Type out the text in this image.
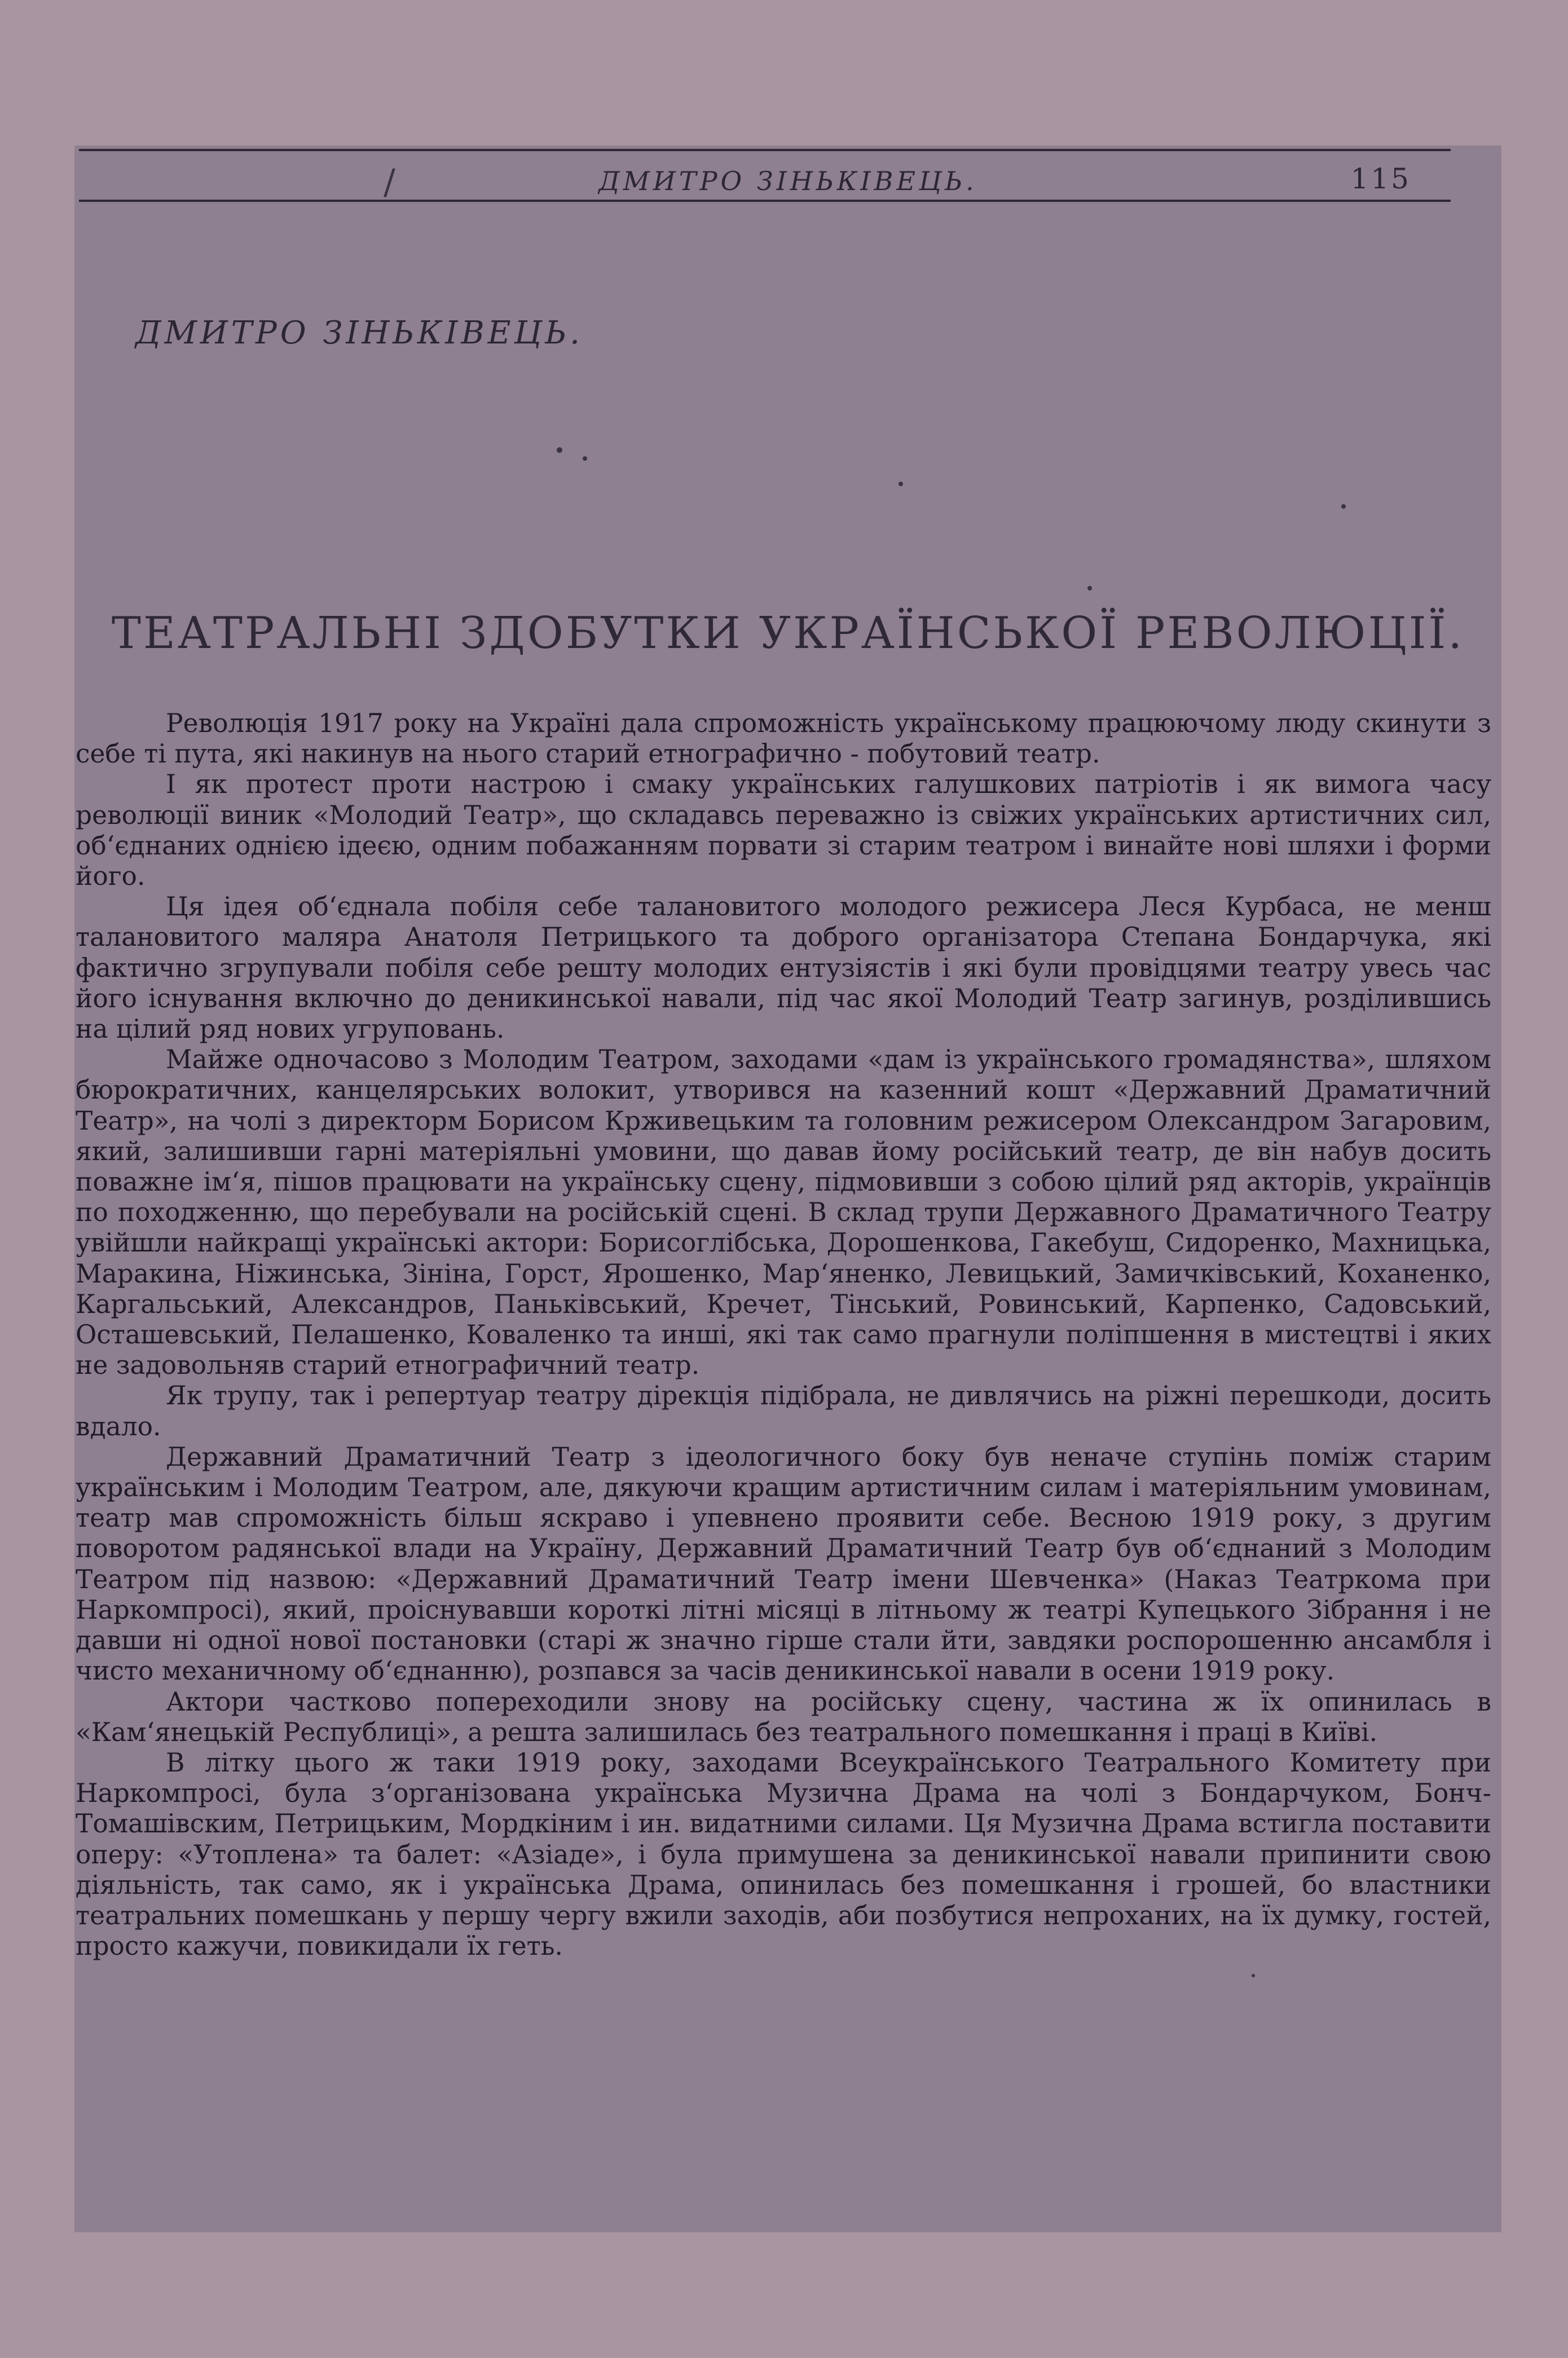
/	ДМИТРО ЗІНЬКІВЕЦЬ.	115
ДМИТРО ЗІНЬКІВЕЦЬ.
ТЕАТРАЛЬНІ ЗДОБУТКИ УКРАЇНСЬКОЇ РЕВОЛЮЦІЇ.

Революція 1917 року на Україні дала спроможність українському працюючому люду скинути з себе ті пута, які накинув на нього старий етнографично - побутовий театр.

І як протест проти настрою і смаку українських галушкових патріотів і як вимога часу революції виник «Молодий Театр», що складавсь переважно із свіжих українських артистичних сил, об‘єднаних однією ідеєю, одним побажанням порвати зі старим театром і винайте нові шляхи і форми його.

Ця ідея об‘єднала побіля себе талановитого молодого режисера Леся Курбаса, не менш талановитого маляра Анатоля Петрицького та доброго організатора Степана Бондарчука, які фактично згрупували побіля себе решту молодих ентузіястів і які були провідцями театру увесь час його існування включно до деникинської навали, під час якої Молодий Театр загинув, розділившись на цілий ряд нових угруповань.

Майже одночасово з Молодим Театром, заходами «дам із українського громадянства», шляхом бюрократичних, канцелярських волокит, утворився на казенний кошт «Державний Драматичний Театр», на чолі з директорм Борисом Крживецьким та головним режисером Олександром Загаровим, який, залишивши гарні матеріяльні умовини, що давав йому російський театр, де він набув досить поважне ім‘я, пішов працювати на українську сцену, підмовивши з собою цілий ряд акторів, українців по походженню, що перебували на російській сцені. В склад трупи Державного Драматичного Театру увійшли найкращі українські актори: Борисоглібська, Дорошенкова, Гакебуш, Сидоренко, Махницька, Маракина, Ніжинська, Зініна, Горст, Ярошенко, Мар‘яненко, Левицький, Замичківський, Коханенко, Каргальський, Александров, Паньківський, Кречет, Тінський, Ровинський, Карпенко, Садовський, Осташевський, Пелашенко, Коваленко та инші, які так само прагнули поліпшення в мистецтві і яких не задовольняв старий етнографичний театр.

Як трупу, так і репертуар театру дірекція підібрала, не дивлячись на ріжні перешкоди, досить вдало.

Державний Драматичний Театр з ідеологичного боку був неначе ступінь поміж старим українським і Молодим Театром, але, дякуючи кращим артистичним силам і матеріяльним умовинам, театр мав спроможність більш яскраво і упевнено проявити себе. Весною 1919 року, з другим поворотом радянської влади на Україну, Державний Драматичний Театр був об‘єднаний з Молодим Театром під назвою: «Державний Драматичний Театр імени Шевченка» (Наказ Театркома при Наркомпросі), який, проіснувавши короткі літні місяці в літньому ж театрі Купецького Зібрання і не давши ні одної нової постановки (старі ж значно гірше стали йти, завдяки роспорошенню ансамбля і чисто механичному об‘єднанню), розпався за часів деникинської навали в осени 1919 року.

Актори частково попереходили знову на російську сцену, частина ж їх опинилась в «Кам‘янецькій Республиці», а решта залишилась без театрального помешкання і праці в Київі.

В літку цього ж таки 1919 року, заходами Всеукраїнського Театрального Комитету при Наркомпросі, була з‘організована українська Музична Драма на чолі з Бондарчуком, Бонч-Томашівским, Петрицьким, Мордкіним і ин. видатними силами. Ця Музична Драма встигла поставити оперу: «Утоплена» та балет: «Азіаде», і була примушена за деникинської навали припинити свою діяльність, так само, як і українська Драма, опинилась без помешкання і грошей, бо властники театральних помешкань у першу чергу вжили заходів, аби позбутися непроханих, на їх думку, гостей, просто кажучи, повикидали їх геть.
